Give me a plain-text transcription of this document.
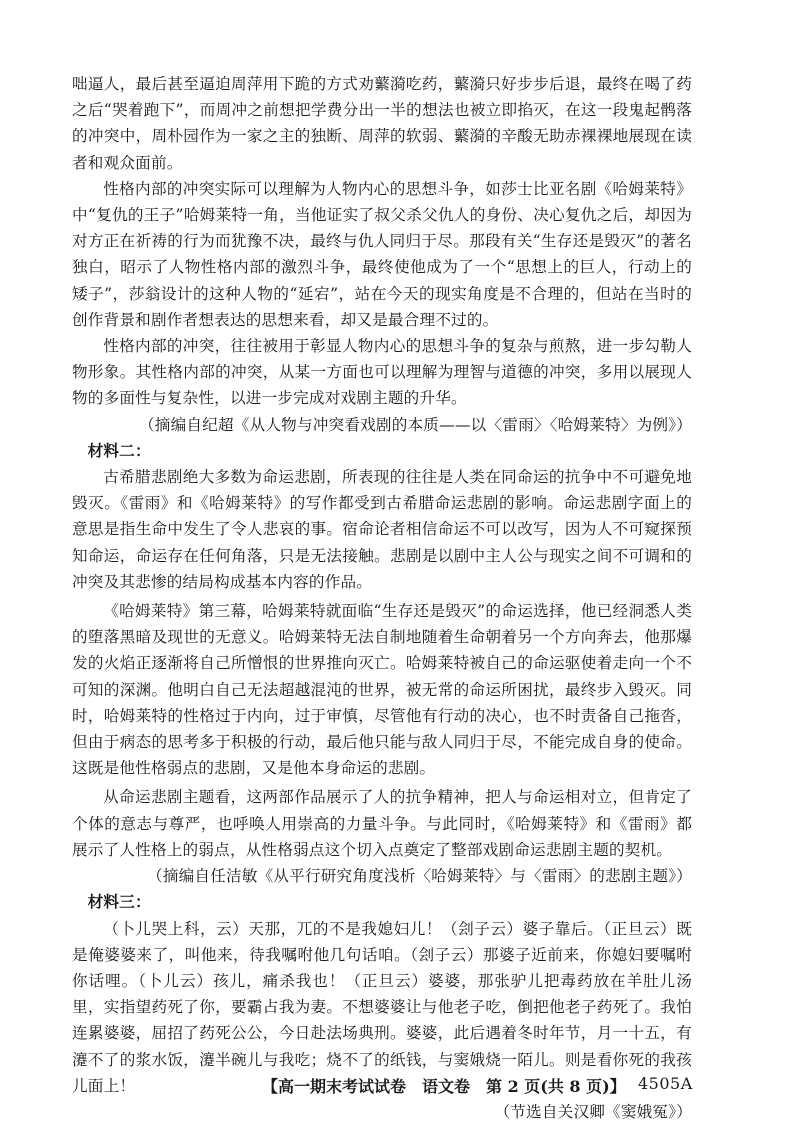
咄逼人，最后甚至逼迫周萍用下跪的方式劝蘩漪吃药，蘩漪只好步步后退，最终在喝了药之后“哭着跑下”，而周冲之前想把学费分出一半的想法也被立即掐灭，在这一段鬼起鹘落的冲突中，周朴园作为一家之主的独断、周萍的软弱、蘩漪的辛酸无助赤裸裸地展现在读者和观众面前。

性格内部的冲突实际可以理解为人物内心的思想斗争，如莎士比亚名剧《哈姆莱特》中“复仇的王子”哈姆莱特一角，当他证实了叔父杀父仇人的身份、决心复仇之后，却因为对方正在祈祷的行为而犹豫不决，最终与仇人同归于尽。那段有关“生存还是毁灭”的著名独白，昭示了人物性格内部的激烈斗争，最终使他成为了一个“思想上的巨人，行动上的矮子”，莎翁设计的这种人物的“延宕”，站在今天的现实角度是不合理的，但站在当时的创作背景和剧作者想表达的思想来看，却又是最合理不过的。

性格内部的冲突，往往被用于彰显人物内心的思想斗争的复杂与煎熬，进一步勾勒人物形象。其性格内部的冲突，从某一方面也可以理解为理智与道德的冲突，多用以展现人物的多面性与复杂性，以进一步完成对戏剧主题的升华。

（摘编自纪超《从人物与冲突看戏剧的本质——以〈雷雨〉〈哈姆莱特〉为例》）

材料二：

古希腊悲剧绝大多数为命运悲剧，所表现的往往是人类在同命运的抗争中不可避免地毁灭。《雷雨》和《哈姆莱特》的写作都受到古希腊命运悲剧的影响。命运悲剧字面上的意思是指生命中发生了令人悲哀的事。宿命论者相信命运不可以改写，因为人不可窥探预知命运，命运存在任何角落，只是无法接触。悲剧是以剧中主人公与现实之间不可调和的冲突及其悲惨的结局构成基本内容的作品。

《哈姆莱特》第三幕，哈姆莱特就面临“生存还是毁灭”的命运选择，他已经洞悉人类的堕落黑暗及现世的无意义。哈姆莱特无法自制地随着生命朝着另一个方向奔去，他那爆发的火焰正逐渐将自己所憎恨的世界推向灭亡。哈姆莱特被自己的命运驱使着走向一个不可知的深渊。他明白自己无法超越混沌的世界，被无常的命运所困扰，最终步入毁灭。同时，哈姆莱特的性格过于内向，过于审慎，尽管他有行动的决心，也不时责备自己拖沓，但由于病态的思考多于积极的行动，最后他只能与敌人同归于尽，不能完成自身的使命。这既是他性格弱点的悲剧，又是他本身命运的悲剧。

从命运悲剧主题看，这两部作品展示了人的抗争精神，把人与命运相对立，但肯定了个体的意志与尊严，也呼唤人用崇高的力量斗争。与此同时，《哈姆莱特》和《雷雨》都展示了人性格上的弱点，从性格弱点这个切入点奠定了整部戏剧命运悲剧主题的契机。

（摘编自任洁敏《从平行研究角度浅析〈哈姆莱特〉与〈雷雨〉的悲剧主题》）

材料三：

（卜儿哭上科，云）天那，兀的不是我媳妇儿！（刽子云）婆子靠后。（正旦云）既是俺婆婆来了，叫他来，待我嘱咐他几句话咱。（刽子云）那婆子近前来，你媳妇要嘱咐你话哩。（卜儿云）孩儿，痛杀我也！（正旦云）婆婆，那张驴儿把毒药放在羊肚儿汤里，实指望药死了你，要霸占我为妻。不想婆婆让与他老子吃，倒把他老子药死了。我怕连累婆婆，屈招了药死公公，今日赴法场典刑。婆婆，此后遇着冬时年节，月一十五，有瀽不了的浆水饭，瀽半碗儿与我吃；烧不了的纸钱，与窦娥烧一陌儿。则是看你死的我孩儿面上！

（节选自关汉卿《窦娥冤》）

【高一期末考试试卷　语文卷　第 2 页(共 8 页)】 4505A
